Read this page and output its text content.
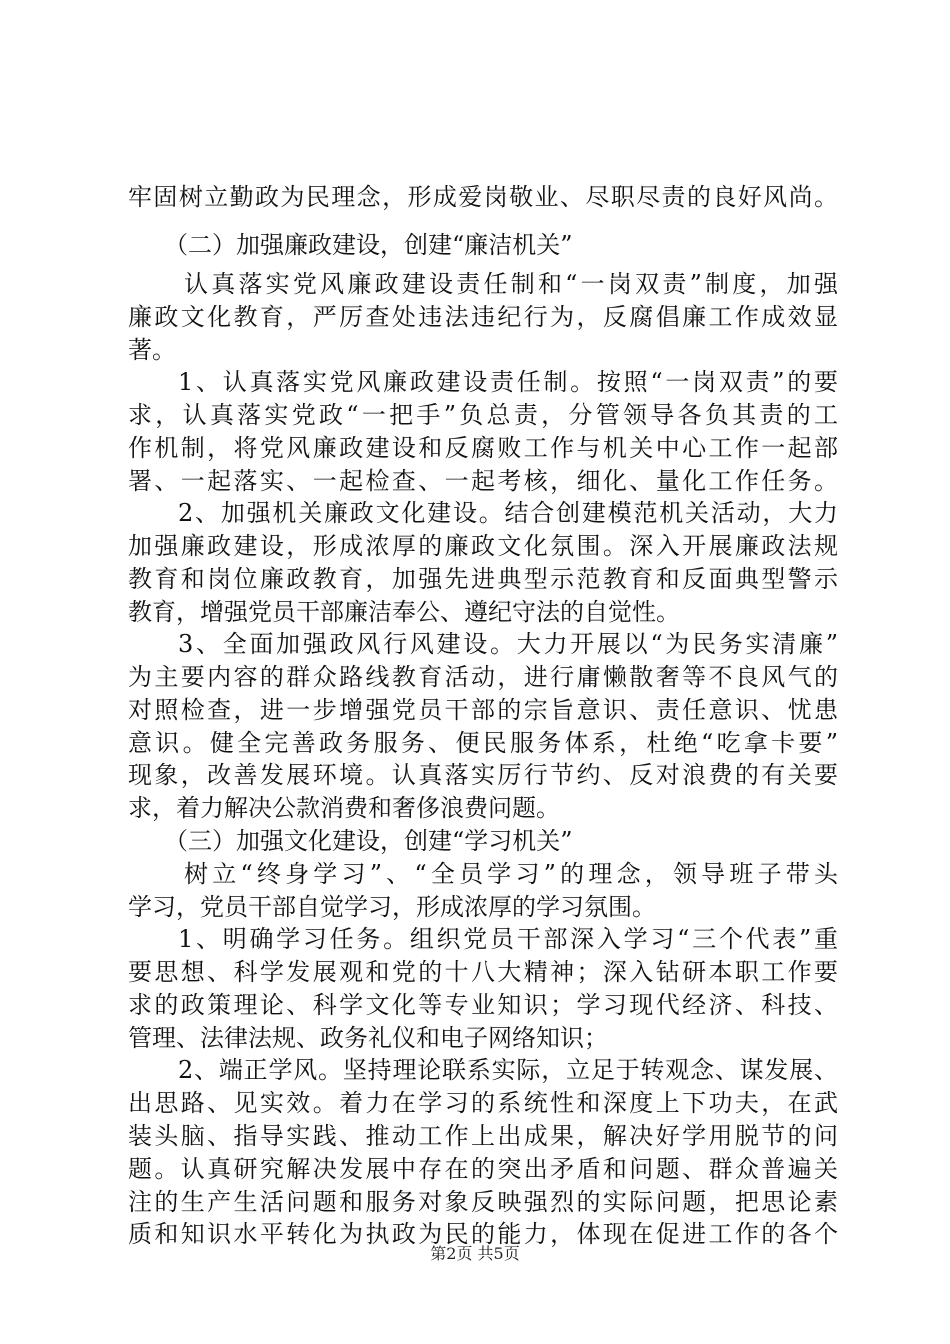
牢固树立勤政为民理念，形成爱岗敬业、尽职尽责的良好风尚。
（二）加强廉政建设，创建“廉洁机关”
认真落实党风廉政建设责任制和“一岗双责”制度，加强
廉政文化教育，严厉查处违法违纪行为，反腐倡廉工作成效显
著。
1、认真落实党风廉政建设责任制。按照“一岗双责”的要
求，认真落实党政“一把手”负总责，分管领导各负其责的工
作机制，将党风廉政建设和反腐败工作与机关中心工作一起部
署、一起落实、一起检查、一起考核，细化、量化工作任务。
2、加强机关廉政文化建设。结合创建模范机关活动，大力
加强廉政建设，形成浓厚的廉政文化氛围。深入开展廉政法规
教育和岗位廉政教育，加强先进典型示范教育和反面典型警示
教育，增强党员干部廉洁奉公、遵纪守法的自觉性。
3、全面加强政风行风建设。大力开展以“为民务实清廉”
为主要内容的群众路线教育活动，进行庸懒散奢等不良风气的
对照检查，进一步增强党员干部的宗旨意识、责任意识、忧患
意识。健全完善政务服务、便民服务体系，杜绝“吃拿卡要”
现象，改善发展环境。认真落实厉行节约、反对浪费的有关要
求，着力解决公款消费和奢侈浪费问题。
（三）加强文化建设，创建“学习机关”
树立“终身学习”、“全员学习”的理念，领导班子带头
学习，党员干部自觉学习，形成浓厚的学习氛围。
1、明确学习任务。组织党员干部深入学习“三个代表”重
要思想、科学发展观和党的十八大精神；深入钻研本职工作要
求的政策理论、科学文化等专业知识；学习现代经济、科技、
管理、法律法规、政务礼仪和电子网络知识；
2、端正学风。坚持理论联系实际，立足于转观念、谋发展、
出思路、见实效。着力在学习的系统性和深度上下功夫，在武
装头脑、指导实践、推动工作上出成果，解决好学用脱节的问
题。认真研究解决发展中存在的突出矛盾和问题、群众普遍关
注的生产生活问题和服务对象反映强烈的实际问题，把思论素
质和知识水平转化为执政为民的能力，体现在促进工作的各个
第2页 共5页
